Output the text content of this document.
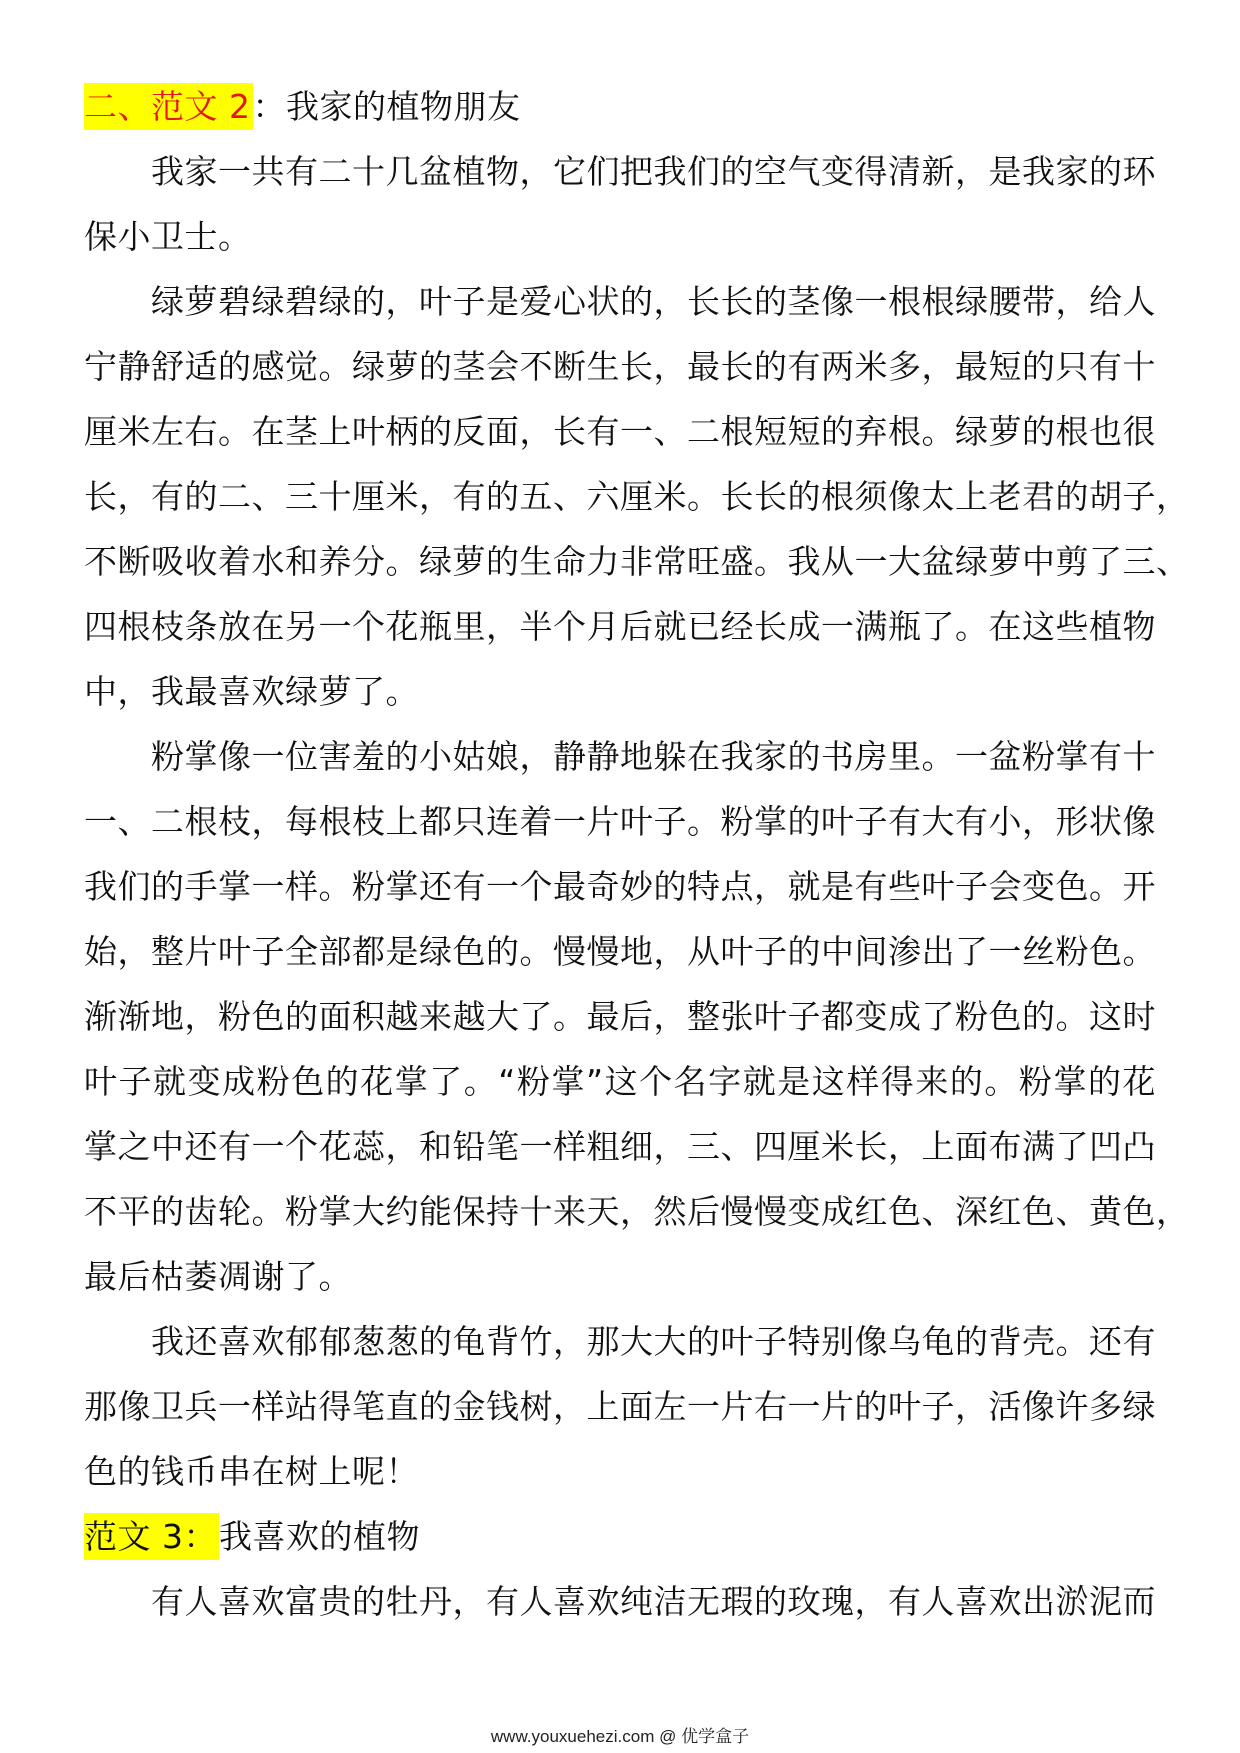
二、范文 2：我家的植物朋友

我家一共有二十几盆植物，它们把我们的空气变得清新，是我家的环

保小卫士。

绿萝碧绿碧绿的，叶子是爱心状的，长长的茎像一根根绿腰带，给人

宁静舒适的感觉。绿萝的茎会不断生长，最长的有两米多，最短的只有十

厘米左右。在茎上叶柄的反面，长有一、二根短短的弃根。绿萝的根也很

长，有的二、三十厘米，有的五、六厘米。长长的根须像太上老君的胡子，

不断吸收着水和养分。绿萝的生命力非常旺盛。我从一大盆绿萝中剪了三、

四根枝条放在另一个花瓶里，半个月后就已经长成一满瓶了。在这些植物

中，我最喜欢绿萝了。

粉掌像一位害羞的小姑娘，静静地躲在我家的书房里。一盆粉掌有十

一、二根枝，每根枝上都只连着一片叶子。粉掌的叶子有大有小，形状像

我们的手掌一样。粉掌还有一个最奇妙的特点，就是有些叶子会变色。开

始，整片叶子全部都是绿色的。慢慢地，从叶子的中间渗出了一丝粉色。

渐渐地，粉色的面积越来越大了。最后，整张叶子都变成了粉色的。这时

叶子就变成粉色的花掌了。“粉掌”这个名字就是这样得来的。粉掌的花

掌之中还有一个花蕊，和铅笔一样粗细，三、四厘米长，上面布满了凹凸

不平的齿轮。粉掌大约能保持十来天，然后慢慢变成红色、深红色、黄色，

最后枯萎凋谢了。

我还喜欢郁郁葱葱的龟背竹，那大大的叶子特别像乌龟的背壳。还有

那像卫兵一样站得笔直的金钱树，上面左一片右一片的叶子，活像许多绿

色的钱币串在树上呢！

范文 3：我喜欢的植物

有人喜欢富贵的牡丹，有人喜欢纯洁无瑕的玫瑰，有人喜欢出淤泥而

www.youxuehezi.com @ 优学盒子
